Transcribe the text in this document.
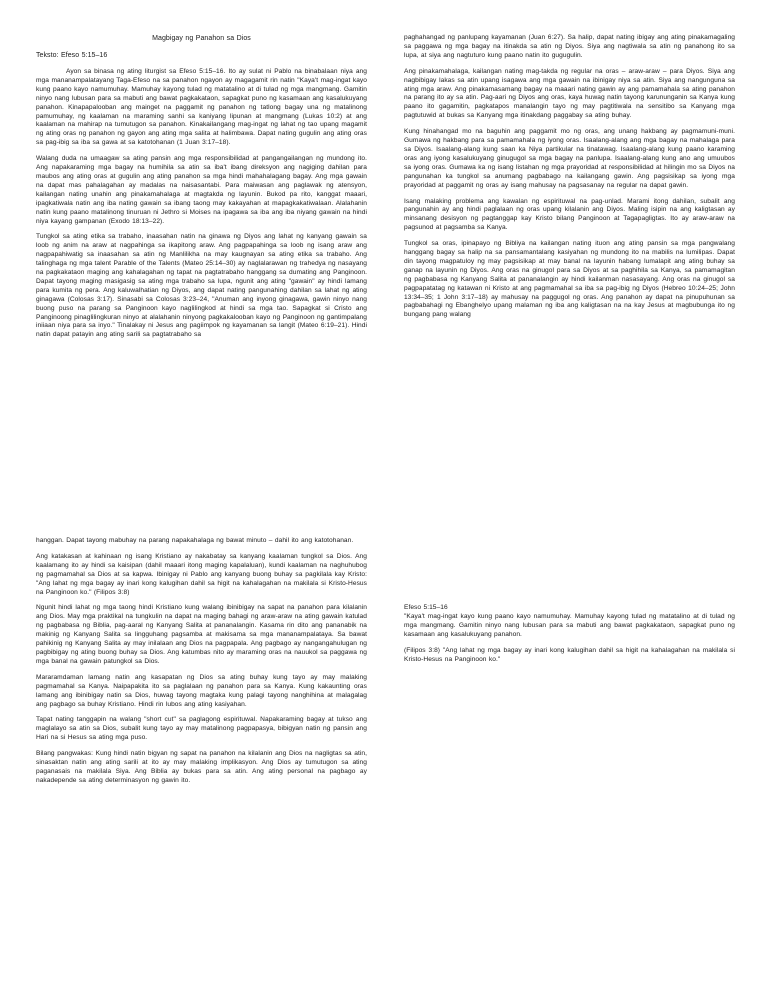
Magbigay ng Panahon sa Dios

Teksto: Efeso 5:15–16

Ayon sa binasa ng ating liturgist sa Efeso 5:15–16. Ito ay sulat ni Pablo na binabalaan niya ang mga mananampalatayang Taga-Efeso na sa panahon ngayon ay magagamit rin natin "Kaya't mag-ingat kayo kung paano kayo namumuhay. Mamuhay kayong tulad ng matatalino at di tulad ng mga mangmang. Gamitin ninyo nang lubusan para sa mabuti ang bawat pagkakataon, sapagkat puno ng kasamaan ang kasalukuyang panahon. Kinapapalooban ang mainget na paggamit ng panahon ng tatlong bagay una ng matalinong pamumuhay, ng kaalaman na maraming sanhi sa kaniyang lipunan at mangmang (Lukas 10:2) at ang kaalaman na mahirap na tumutugon sa panahon. Kinakailangang mag-ingat ng lahat ng tao upang magamit ng ating oras ng panahon ng gayon ang ating mga salita at halimbawa. Dapat nating gugulin ang ating oras sa pag-ibig sa iba sa gawa at sa katotohanan (1 Juan 3:17–18).

Walang duda na umaagaw sa ating pansin ang mga responsibilidad at pangangailangan ng mundong ito. Ang napakaraming mga bagay na humihila sa atin sa iba't ibang direksyon ang nagiging dahilan para maubos ang ating oras at gugulin ang ating panahon sa mga hindi mahahalagang bagay. Ang mga gawain na dapat mas pahalagahan ay madalas na naisasantabi. Para maiwasan ang paglawak ng atensyon, kailangan nating unahin ang pinakamahalaga at magtakda ng layunin. Bukod pa rito, kanggat maaari, ipagkatiwala natin ang iba nating gawain sa ibang taong may kakayahan at mapagkakatiwalaan. Alalahanin natin kung paano matalinong tinuruan ni Jethro si Moises na ipagawa sa iba ang iba niyang gawain na hindi niya kayang gampanan (Exodo 18:13–22).

Tungkol sa ating etika sa trabaho, inaasahan natin na ginawa ng Diyos ang lahat ng kanyang gawain sa loob ng anim na araw at nagpahinga sa ikapitong araw. Ang pagpapahinga sa loob ng isang araw ang nagpapahiwatig sa inaasahan sa atin ng Manlilikha na may kaugnayan sa ating etika sa trabaho. Ang talinghaga ng mga talent Parable of the Talents (Mateo 25:14–30) ay naglalarawan ng trahedya ng nasayang na pagkakataon maging ang kahalagahan ng tapat na pagtatrabaho hanggang sa dumating ang Panginoon. Dapat tayong maging masigasig sa ating mga trabaho sa lupa, ngunit ang ating "gawain" ay hindi lamang para kumita ng pera. Ang kaluwalhatian ng Diyos, ang dapat nating pangunahing dahilan sa lahat ng ating ginagawa (Colosas 3:17). Sinasabi sa Colosas 3:23–24, "Anuman ang inyong ginagawa, gawin ninyo nang buong puso na parang sa Panginoon kayo naglilingkod at hindi sa mga tao. Sapagkat si Cristo ang Panginoong pinaglilingkuran ninyo at alalahanin ninyong pagkakalooban kayo ng Panginoon ng gantimpalang iniiaan niya para sa inyo." Tinalakay ni Jesus ang pagiimpok ng kayamanan sa langit (Mateo 6:19–21). Hindi natin dapat patayin ang ating sarili sa pagtatrabaho sa

paghahangad ng panlupang kayamanan (Juan 6:27). Sa halip, dapat nating ibigay ang ating pinakamagaling sa paggawa ng mga bagay na itinakda sa atin ng Diyos. Siya ang nagtiwala sa atin ng panahong ito sa lupa, at siya ang nagtuturo kung paano natin ito gugugulin.

Ang pinakamahalaga, kailangan nating mag-takda ng regular na oras – araw-araw – para Diyos. Siya ang nagbibigay lakas sa atin upang isagawa ang mga gawain na ibinigay niya sa atin. Siya ang nangunguna sa ating mga araw. Ang pinakamasamang bagay na maaari nating gawin ay ang pamamahala sa ating panahon na parang ito ay sa atin. Pag-aari ng Diyos ang oras, kaya huwag natin tayong karununganin sa Kanya kung paano ito gagamitin, pagkatapos manalangin tayo ng may pagtitiwala na sensitibo sa Kanyang mga pagtutuwid at bukas sa Kanyang mga itinakdang paggabay sa ating buhay.

Kung hinahangad mo na baguhin ang paggamit mo ng oras, ang unang hakbang ay pagmamuni-muni. Gumawa ng hakbang para sa pamamahala ng iyong oras. Isaalang-alang ang mga bagay na mahalaga para sa Diyos. Isaalang-alang kung saan ka Niya partikular na tinatawag. Isaalang-alang kung paano karaming oras ang iyong kasalukuyang ginugugol sa mga bagay na panlupa. Isaalang-alang kung ano ang umuubos sa iyong oras. Gumawa ka ng isang listahan ng mga prayoridad at responsibilidad at hilingin mo sa Diyos na pangunahan ka tungkol sa anumang pagbabago na kailangang gawin. Ang pagsisikap sa iyong mga prayoridad at paggamit ng oras ay isang mahusay na pagsasanay na regular na dapat gawin.

Isang malaking problema ang kawalan ng espirituwal na pag-unlad. Marami itong dahilan, subalit ang pangunahin ay ang hindi paglalaan ng oras upang kilalanin ang Diyos. Maling isipin na ang kaligtasan ay minsanang desisyon ng pagtanggap kay Kristo bilang Panginoon at Tagapagligtas. Ito ay araw-araw na pagsunod at pagsamba sa Kanya.

Tungkol sa oras, ipinapayo ng Bibliya na kailangan nating ituon ang ating pansin sa mga pangwalang hanggang bagay sa halip na sa pansamantalang kasiyahan ng mundong ito na mabilis na lumilipas. Dapat din tayong magpatuloy ng may pagsisikap at may banal na layunin habang lumalapit ang ating buhay sa ganap na layunin ng Diyos. Ang oras na ginugol para sa Diyos at sa paghihila sa Kanya, sa pamamagitan ng pagbabasa ng Kanyang Salita at pananalangin ay hindi kailanman nasasayang. Ang oras na ginugol sa pagpapatatag ng katawan ni Kristo at ang pagmamahal sa iba sa pag-ibig ng Diyos (Hebreo 10:24–25; John 13:34–35; 1 John 3:17–18) ay mahusay na paggugol ng oras. Ang panahon ay dapat na pinupuhunan sa pagbabahagi ng Ebanghelyo upang malaman ng iba ang kaligtasan na na kay Jesus at magbubunga ito ng bungang pang walang

hanggan. Dapat tayong mabuhay na parang napakahalaga ng bawat minuto – dahil ito ang katotohanan.

Ang katakasan at kahinaan ng isang Kristiano ay nakabatay sa kanyang kaalaman tungkol sa Dios. Ang kaalamang ito ay hindi sa kaisipan (dahil maaari itong maging kapalaluan), kundi kaalaman na naghuhubog ng pagmamahal sa Dios at sa kapwa. Ibinigay ni Pablo ang kanyang buong buhay sa pagkilala kay Kristo: "Ang lahat ng mga bagay ay inari kong kalugihan dahil sa higit na kahalagahan na makilala si Kristo-Hesus na Panginoon ko." (Filipos 3:8)

Ngunit hindi lahat ng mga taong hindi Kristiano kung walang ibinibigay na sapat na panahon para kilalanin ang Dios. May mga praktikal na tungkulin na dapat na maging bahagi ng araw-araw na ating gawain katulad ng pagbabasa ng Biblia, pag-aaral ng Kanyang Salita at pananalangin. Kasama rin dito ang pananabik na makinig ng Kanyang Salita sa lingguhang pagsamba at makisama sa mga mananampalataya. Sa bawat pahikinig ng Kanyang Salita ay may inilalaan ang Dios na pagpapala. Ang pagbago ay nangangahulugan ng pagbibigay ng ating buong buhay sa Dios. Ang katumbas nito ay maraming oras na nauukol sa paggawa ng mga banal na gawain patungkol sa Dios.

Mararamdaman lamang natin ang kasapatan ng Dios sa ating buhay kung tayo ay may malaking pagmamahal sa Kanya. Naipapakita ito sa paglalaan ng panahon para sa Kanya. Kung kakaunting oras lamang ang ibinibigay natin sa Dios, huwag tayong magtaka kung palagi tayong nanghihina at malagalag ang pagbago sa buhay Kristiano. Hindi rin lubos ang ating kasiyahan.

Tapat nating tanggapin na walang "short cut" sa paglagong espirituwal. Napakaraming bagay at tukso ang maglalayo sa atin sa Dios, subalit kung tayo ay may matalinong pagpapasya, bibigyan natin ng pansin ang Hari na si Hesus sa ating mga puso.

Bilang pangwakas: Kung hindi natin bigyan ng sapat na panahon na kilalanin ang Dios na nagligtas sa atin, sinasaktan natin ang ating sarili at ito ay may malaking implikasyon. Ang Dios ay tumutugon sa ating paganasais na makilala Siya. Ang Biblia ay bukas para sa atin. Ang ating personal na pagbago ay nakadepende sa ating determinasyon ng gawin ito.

Efeso 5:15–16
"Kaya't mag-ingat kayo kung paano kayo namumuhay. Mamuhay kayong tulad ng matatalino at di tulad ng mga mangmang. Gamitin ninyo nang lubusan para sa mabuti ang bawat pagkakataon, sapagkat puno ng kasamaan ang kasalukuyang panahon.

(Filipos 3:8) "Ang lahat ng mga bagay ay inari kong kalugihan dahil sa higit na kahalagahan na makilala si Kristo-Hesus na Panginoon ko."
